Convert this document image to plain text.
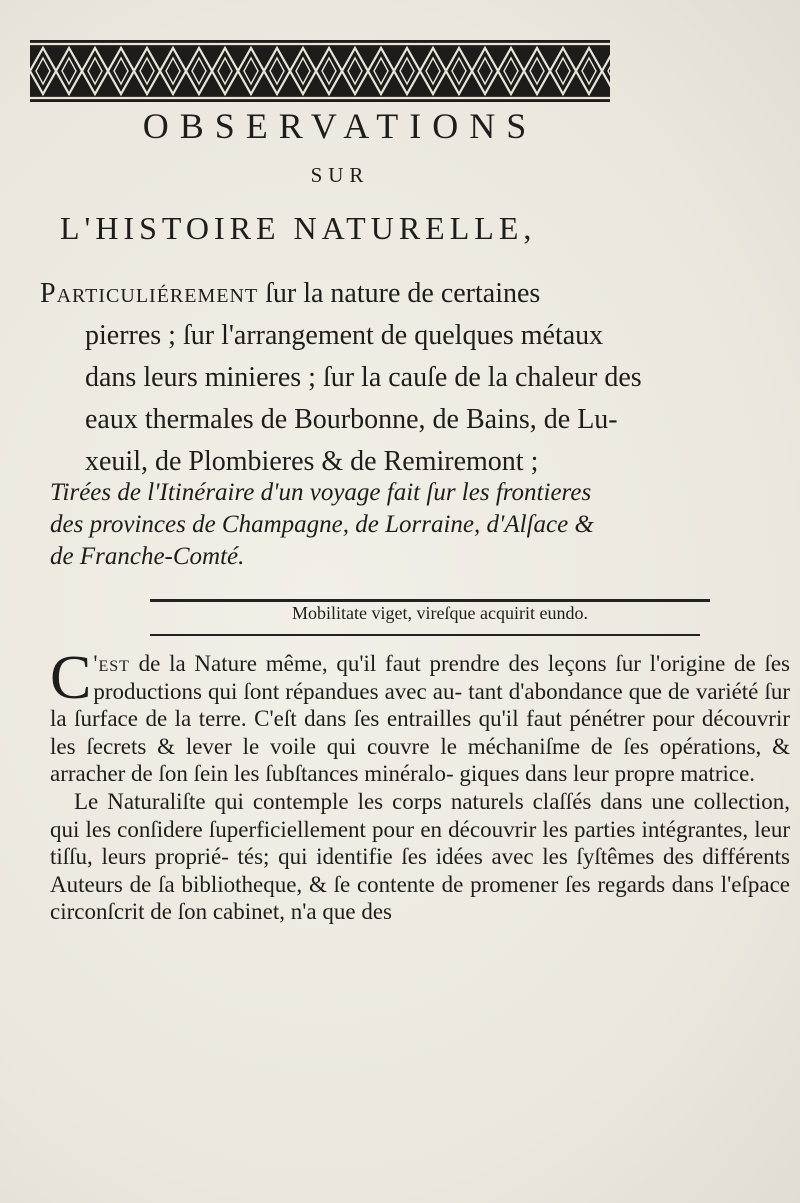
OBSERVATIONS
SUR
L'HISTOIRE NATURELLE,
Particuliérement ſur la nature de certaines
pierres ; ſur l'arrangement de quelques métaux
dans leurs minieres ; ſur la cauſe de la chaleur des
eaux thermales de Bourbonne, de Bains, de Lu-
xeuil, de Plombieres & de Remiremont ;
Tirées de l'Itinéraire d'un voyage fait ſur les frontieres
des provinces de Champagne, de Lorraine, d'Alſace &
de Franche-Comté.
Mobilitate viget, vireſque acquirit eundo.

C 'est de la Nature même, qu'il faut prendre des leçons ſur l'origine de ſes productions qui ſont répandues avec au- tant d'abondance que de variété ſur la ſurface de la terre. C'eſt dans ſes entrailles qu'il faut pénétrer pour découvrir les ſecrets & lever le voile qui couvre le méchaniſme de ſes opérations, & arracher de ſon ſein les ſubſtances minéralo- giques dans leur propre matrice.

Le Naturaliſte qui contemple les corps naturels claſſés dans une collection, qui les conſidere ſuperficiellement pour en découvrir les parties intégrantes, leur tiſſu, leurs proprié- tés; qui identifie ſes idées avec les ſyſtêmes des différents Auteurs de ſa bibliotheque, & ſe contente de promener ſes regards dans l'eſpace circonſcrit de ſon cabinet, n'a que des
